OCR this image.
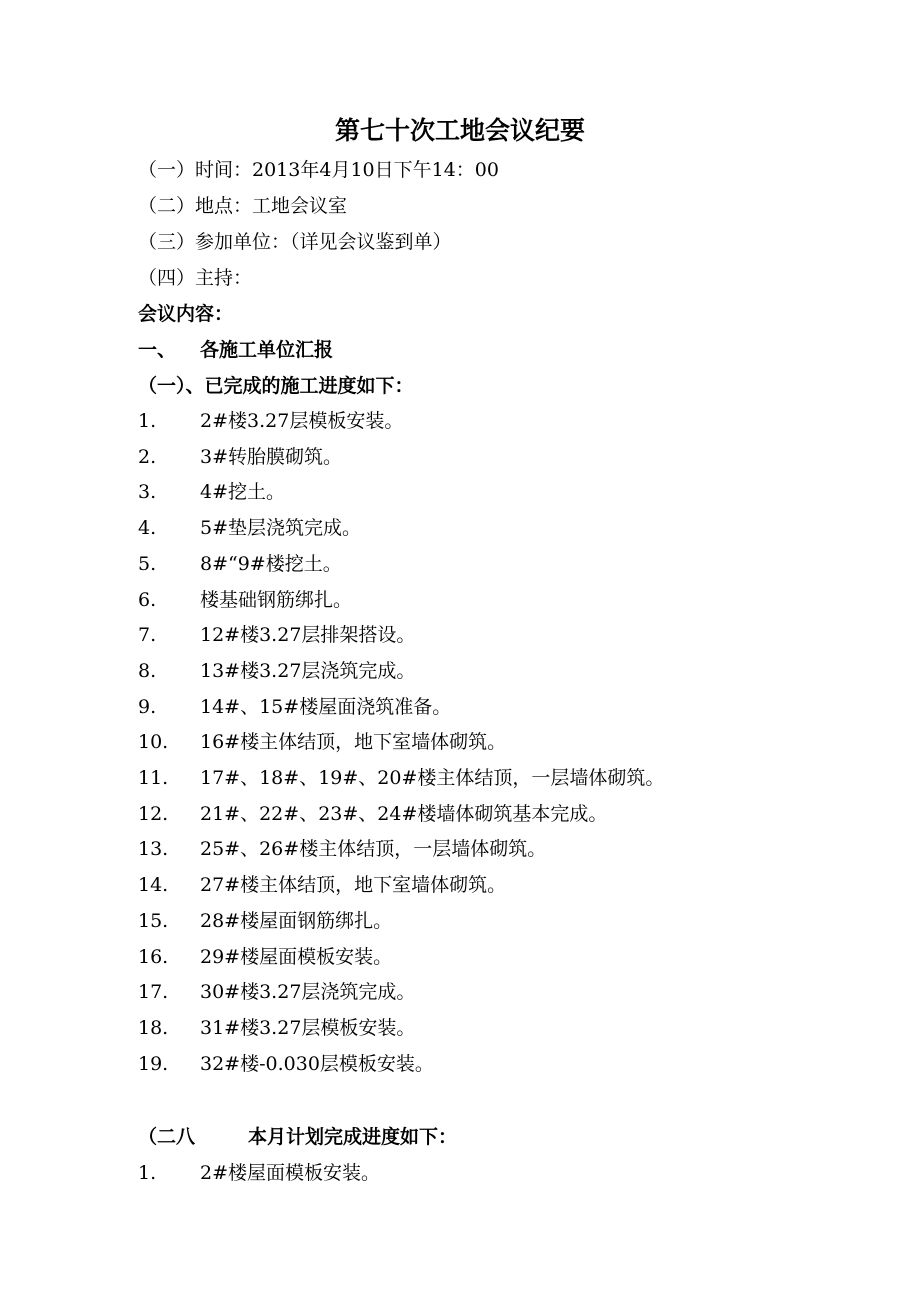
第七十次工地会议纪要
（一）时间：2013年4月10日下午14：00
（二）地点：工地会议室
（三）参加单位：（详见会议鉴到单）
（四）主持：
会议内容：
一、 各施工单位汇报
（一）、已完成的施工进度如下：
1. 2#楼3.27层模板安装。
2. 3#转胎膜砌筑。
3. 4#挖土。
4. 5#垫层浇筑完成。
5. 8#“9#楼挖土。
6. 楼基础钢筋绑扎。
7. 12#楼3.27层排架搭设。
8. 13#楼3.27层浇筑完成。
9. 14#、15#楼屋面浇筑准备。
10. 16#楼主体结顶，地下室墙体砌筑。
11. 17#、18#、19#、20#楼主体结顶，一层墙体砌筑。
12. 21#、22#、23#、24#楼墙体砌筑基本完成。
13. 25#、26#楼主体结顶，一层墙体砌筑。
14. 27#楼主体结顶，地下室墙体砌筑。
15. 28#楼屋面钢筋绑扎。
16. 29#楼屋面模板安装。
17. 30#楼3.27层浇筑完成。
18. 31#楼3.27层模板安装。
19. 32#楼-0.030层模板安装。
（二八	本月计划完成进度如下：
1. 2#楼屋面模板安装。
